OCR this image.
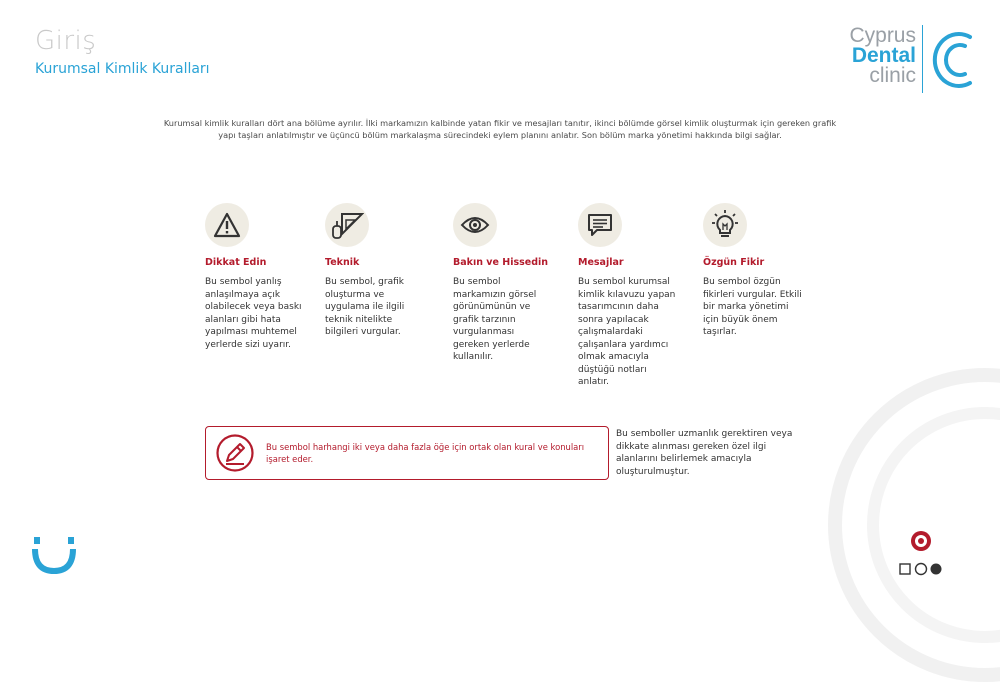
Giriş
Kurumsal Kimlik Kuralları
Cyprus
Dental
clinic
Kurumsal kimlik kuralları dört ana bölüme ayrılır. İlki markamızın kalbinde yatan fikir ve mesajları tanıtır, ikinci bölümde görsel kimlik oluşturmak için gereken grafik yapı taşları anlatılmıştır ve üçüncü bölüm markalaşma sürecindeki eylem planını anlatır. Son bölüm marka yönetimi hakkında bilgi sağlar.
Dikkat Edin
Bu sembol yanlış anlaşılmaya açık olabilecek veya baskı alanları gibi hata yapılması muhtemel yerlerde sizi uyarır.
Teknik
Bu sembol, grafik oluşturma ve uygulama ile ilgili teknik nitelikte bilgileri vurgular.
Bakın ve Hissedin
Bu sembol markamızın görsel görünümünün ve grafik tarzının vurgulanması gereken yerlerde kullanılır.
Mesajlar
Bu sembol kurumsal kimlik kılavuzu yapan tasarımcının daha sonra yapılacak çalışmalardaki çalışanlara yardımcı olmak amacıyla düştüğü notları anlatır.
Özgün Fikir
Bu sembol özgün fikirleri vurgular. Etkili bir marka yönetimi için büyük önem taşırlar.
Bu sembol harhangi iki veya daha fazla öğe için ortak olan kural ve konuları işaret eder.
Bu semboller uzmanlık gerektiren veya dikkate alınması gereken özel ilgi alanlarını belirlemek amacıyla oluşturulmuştur.
